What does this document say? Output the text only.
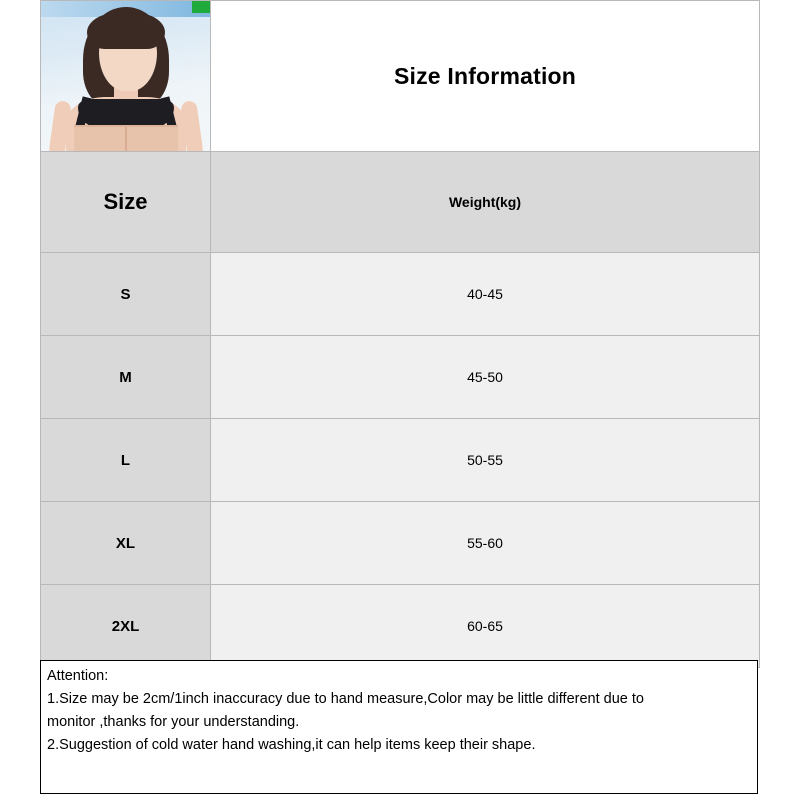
	Size Information

Size	Weight(kg)

S	40-45

M	45-50

L	50-55

XL	55-60

2XL	60-65

Attention:

1.Size may be 2cm/1inch inaccuracy due to hand measure,Color may be little different due to

monitor ,thanks for your understanding.

2.Suggestion of cold water hand washing,it can help items keep their shape.
